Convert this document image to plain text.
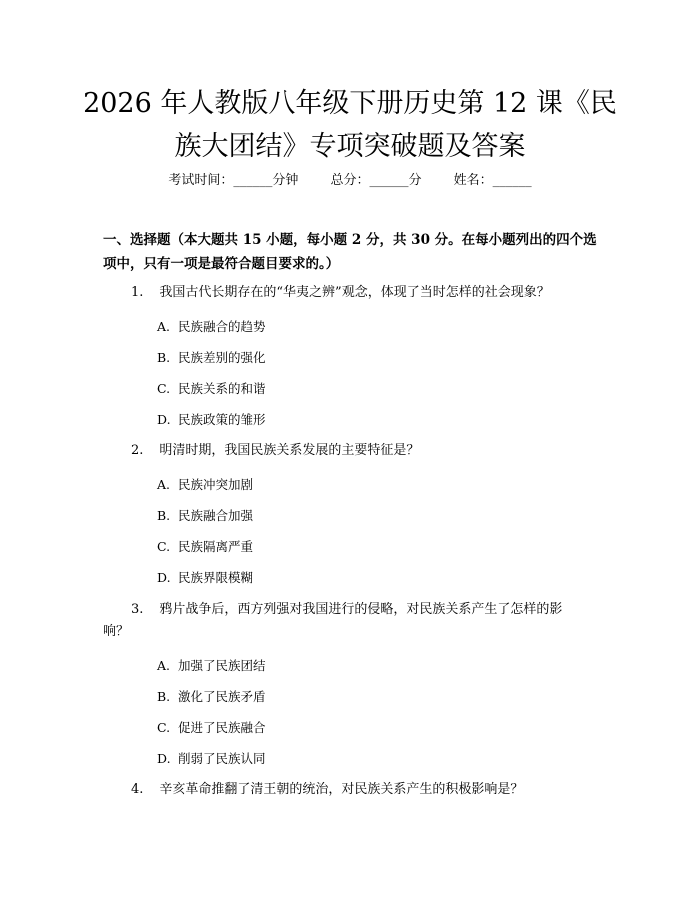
2026 年人教版八年级下册历史第 12 课《民
族大团结》专项突破题及答案
考试时间：______分钟 总分：______分 姓名：______
一、选择题（本大题共 15 小题，每小题 2 分，共 30 分。在每小题列出的四个选项中，只有一项是最符合题目要求的。）
1. 我国古代长期存在的“华夷之辨”观念，体现了当时怎样的社会现象？
A. 民族融合的趋势
B. 民族差别的强化
C. 民族关系的和谐
D. 民族政策的雏形
2. 明清时期，我国民族关系发展的主要特征是？
A. 民族冲突加剧
B. 民族融合加强
C. 民族隔离严重
D. 民族界限模糊
3. 鸦片战争后，西方列强对我国进行的侵略，对民族关系产生了怎样的影
响？
A. 加强了民族团结
B. 激化了民族矛盾
C. 促进了民族融合
D. 削弱了民族认同
4. 辛亥革命推翻了清王朝的统治，对民族关系产生的积极影响是？
